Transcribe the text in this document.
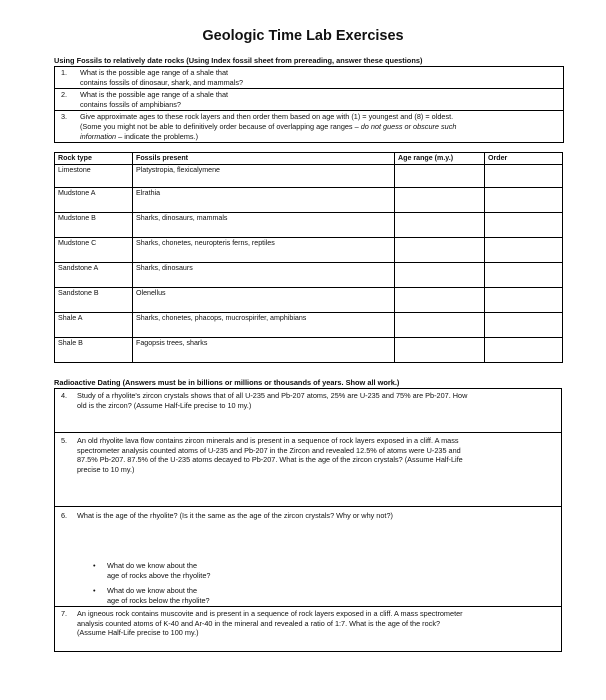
Geologic Time Lab Exercises
Using Fossils to relatively date rocks (Using Index fossil sheet from prereading, answer these questions)
1. What is the possible age range of a shale that
contains fossils of dinosaur, shark, and mammals?
2. What is the possible age range of a shale that
contains fossils of amphibians?
3. Give approximate ages to these rock layers and then order them based on age with (1) = youngest and (8) = oldest.
(Some you might not be able to definitively order because of overlapping age ranges – do not guess or obscure such
information – indicate the problems.)
Rock type	Fossils present	Age range (m.y.)	Order
Limestone	Platystropia, flexicalymene		
Mudstone A	Elrathia		
Mudstone B	Sharks, dinosaurs, mammals		
Mudstone C	Sharks, chonetes, neuropteris ferns, reptiles		
Sandstone A	Sharks, dinosaurs		
Sandstone B	Olenellus		
Shale A	Sharks, chonetes, phacops, mucrospirifer, amphibians		
Shale B	Fagopsis trees, sharks		
Radioactive Dating (Answers must be in billions or millions or thousands of years. Show all work.)
4. Study of a rhyolite's zircon crystals shows that of all U-235 and Pb-207 atoms, 25% are U-235 and 75% are Pb-207. How
old is the zircon? (Assume Half-Life precise to 10 my.)
5. An old rhyolite lava flow contains zircon minerals and is present in a sequence of rock layers exposed in a cliff. A mass
spectrometer analysis counted atoms of U-235 and Pb-207 in the Zircon and revealed 12.5% of atoms were U-235 and
87.5% Pb-207. 87.5% of the U-235 atoms decayed to Pb-207. What is the age of the zircon crystals? (Assume Half-Life
precise to 10 my.)
6. What is the age of the rhyolite? (Is it the same as the age of the zircon crystals? Why or why not?)
• What do we know about the
age of rocks above the rhyolite?
• What do we know about the
age of rocks below the rhyolite?
7. An igneous rock contains muscovite and is present in a sequence of rock layers exposed in a cliff. A mass spectrometer
analysis counted atoms of K-40 and Ar-40 in the mineral and revealed a ratio of 1:7. What is the age of the rock?
(Assume Half-Life precise to 100 my.)
